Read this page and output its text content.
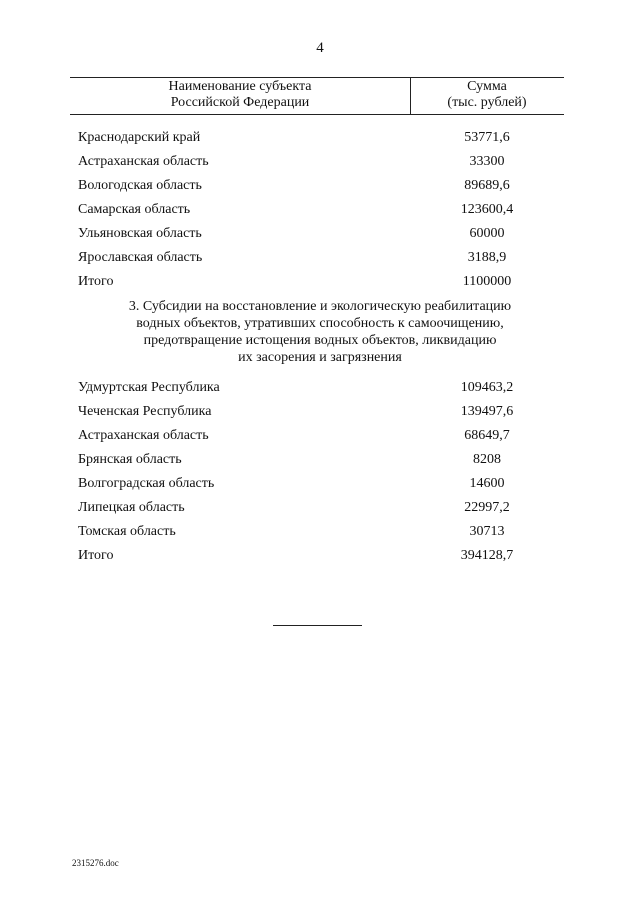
4
Наименование субъекта
Российской Федерации
Сумма
(тыс. рублей)
Краснодарский край	53771,6
Астраханская область	33300
Вологодская область	89689,6
Самарская область	123600,4
Ульяновская область	60000
Ярославская область	3188,9
Итого	1100000
3. Субсидии на восстановление и экологическую реабилитацию
водных объектов, утративших способность к самоочищению,
предотвращение истощения водных объектов, ликвидацию
их засорения и загрязнения
Удмуртская Республика	109463,2
Чеченская Республика	139497,6
Астраханская область	68649,7
Брянская область	8208
Волгоградская область	14600
Липецкая область	22997,2
Томская область	30713
Итого	394128,7
2315276.doc
